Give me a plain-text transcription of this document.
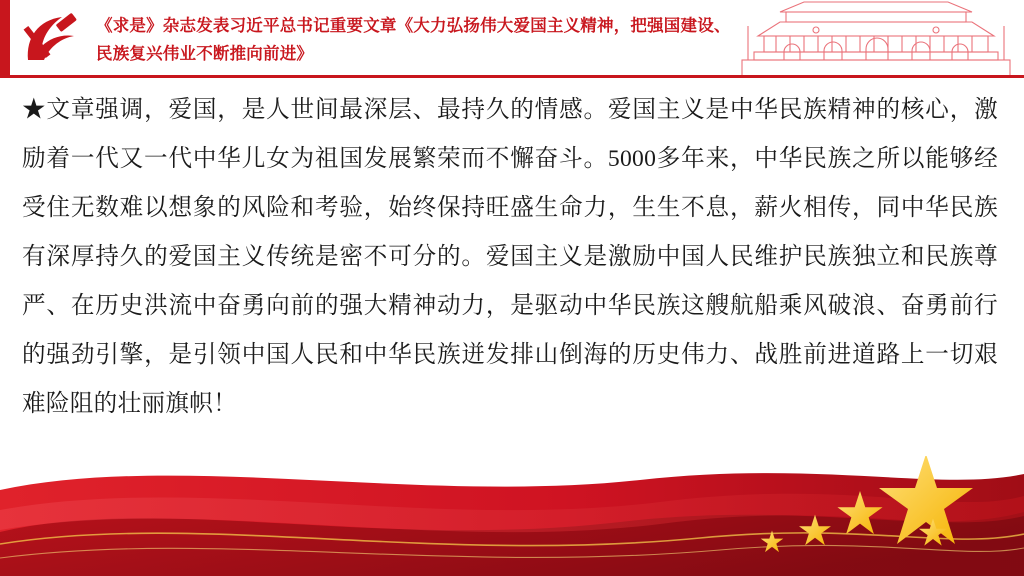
《求是》杂志发表习近平总书记重要文章《大力弘扬伟大爱国主义精神，把强国建设、
民族复兴伟业不断推向前进》

★文章强调，爱国，是人世间最深层、最持久的情感。爱国主义是中华民族精神的核心，激励着一代又一代中华儿女为祖国发展繁荣而不懈奋斗。5000多年来，中华民族之所以能够经受住无数难以想象的风险和考验，始终保持旺盛生命力，生生不息，薪火相传，同中华民族有深厚持久的爱国主义传统是密不可分的。爱国主义是激励中国人民维护民族独立和民族尊严、在历史洪流中奋勇向前的强大精神动力，是驱动中华民族这艘航船乘风破浪、奋勇前行的强劲引擎，是引领中国人民和中华民族迸发排山倒海的历史伟力、战胜前进道路上一切艰难险阻的壮丽旗帜！
